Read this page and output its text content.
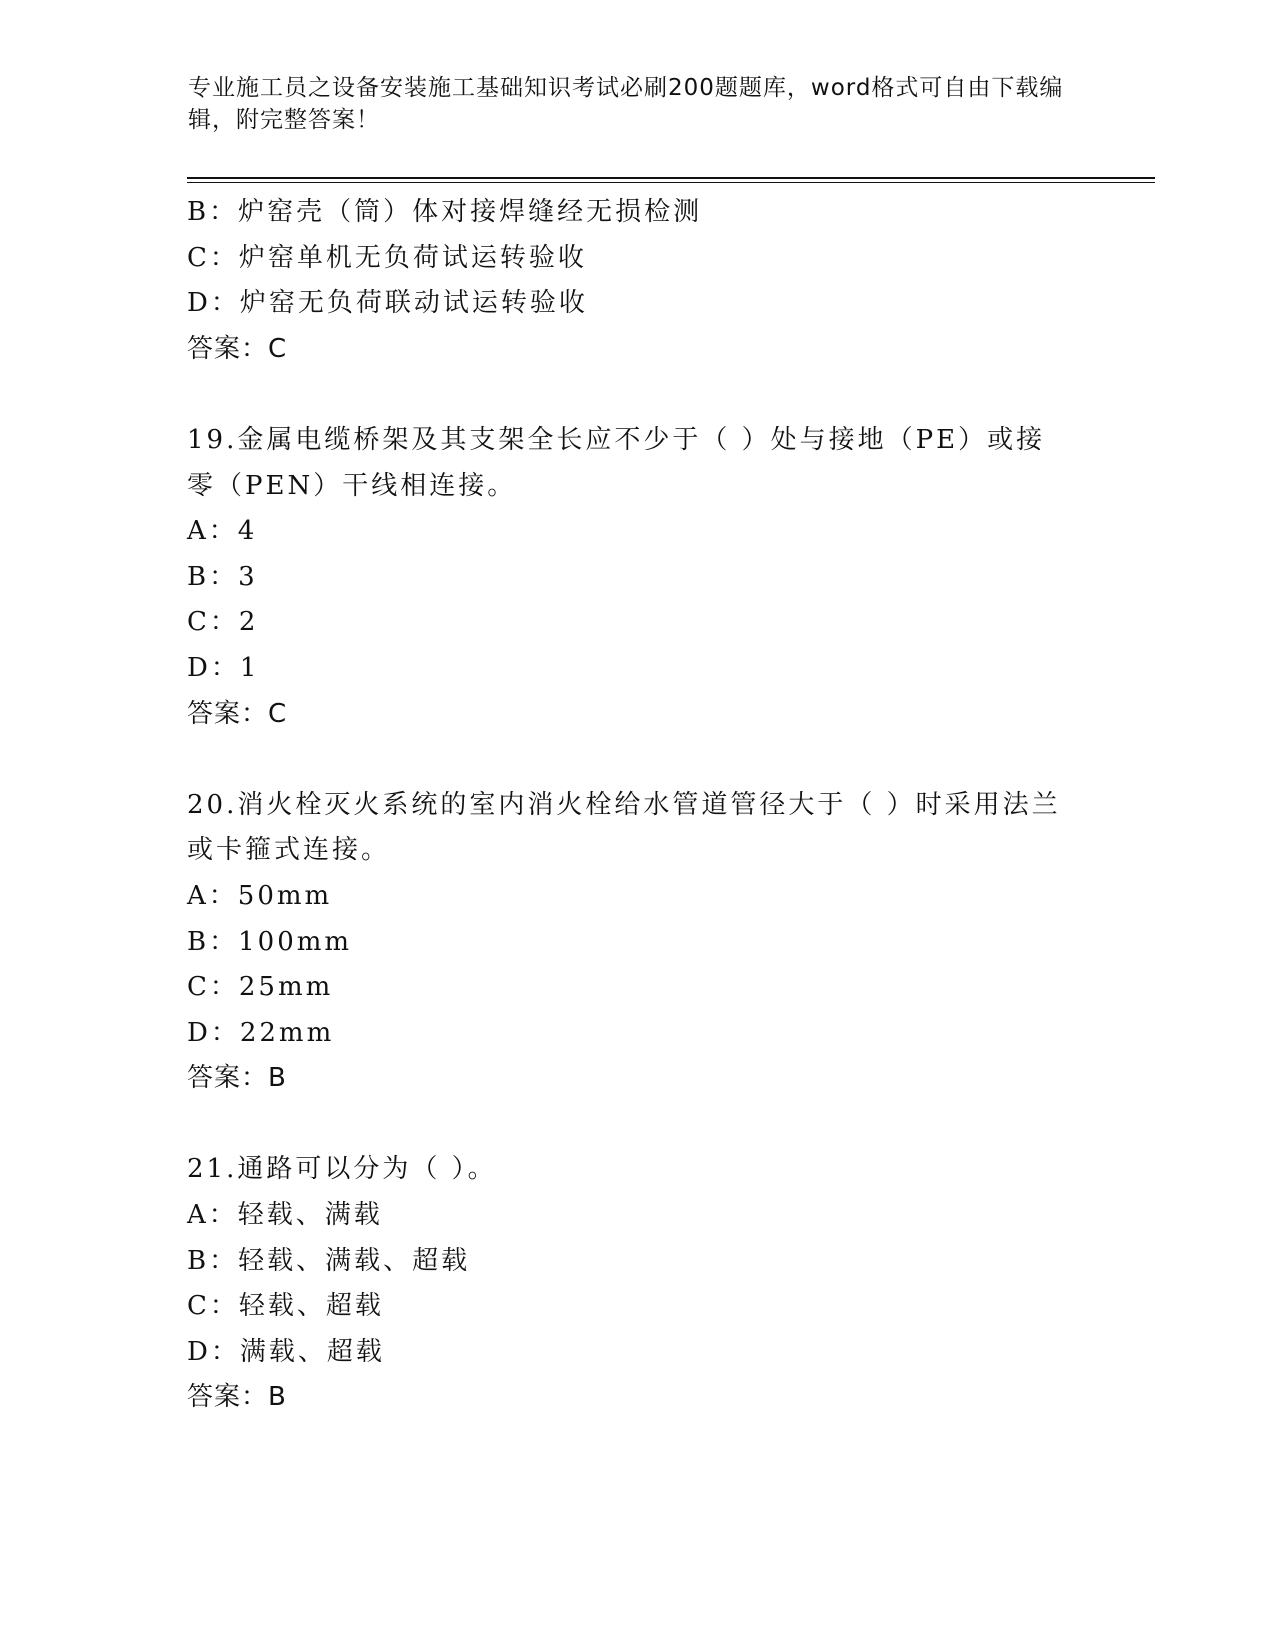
专业施工员之设备安装施工基础知识考试必刷200题题库，word格式可自由下载编辑，附完整答案！
B：炉窑壳（筒）体对接焊缝经无损检测
C：炉窑单机无负荷试运转验收
D：炉窑无负荷联动试运转验收
答案：C
19.金属电缆桥架及其支架全长应不少于（ ）处与接地（PE）或接零（PEN）干线相连接。
A：4
B：3
C：2
D：1
答案：C
20.消火栓灭火系统的室内消火栓给水管道管径大于（ ）时采用法兰或卡箍式连接。
A：50mm
B：100mm
C：25mm
D：22mm
答案：B
21.通路可以分为（ ）。
A：轻载、满载
B：轻载、满载、超载
C：轻载、超载
D：满载、超载
答案：B
